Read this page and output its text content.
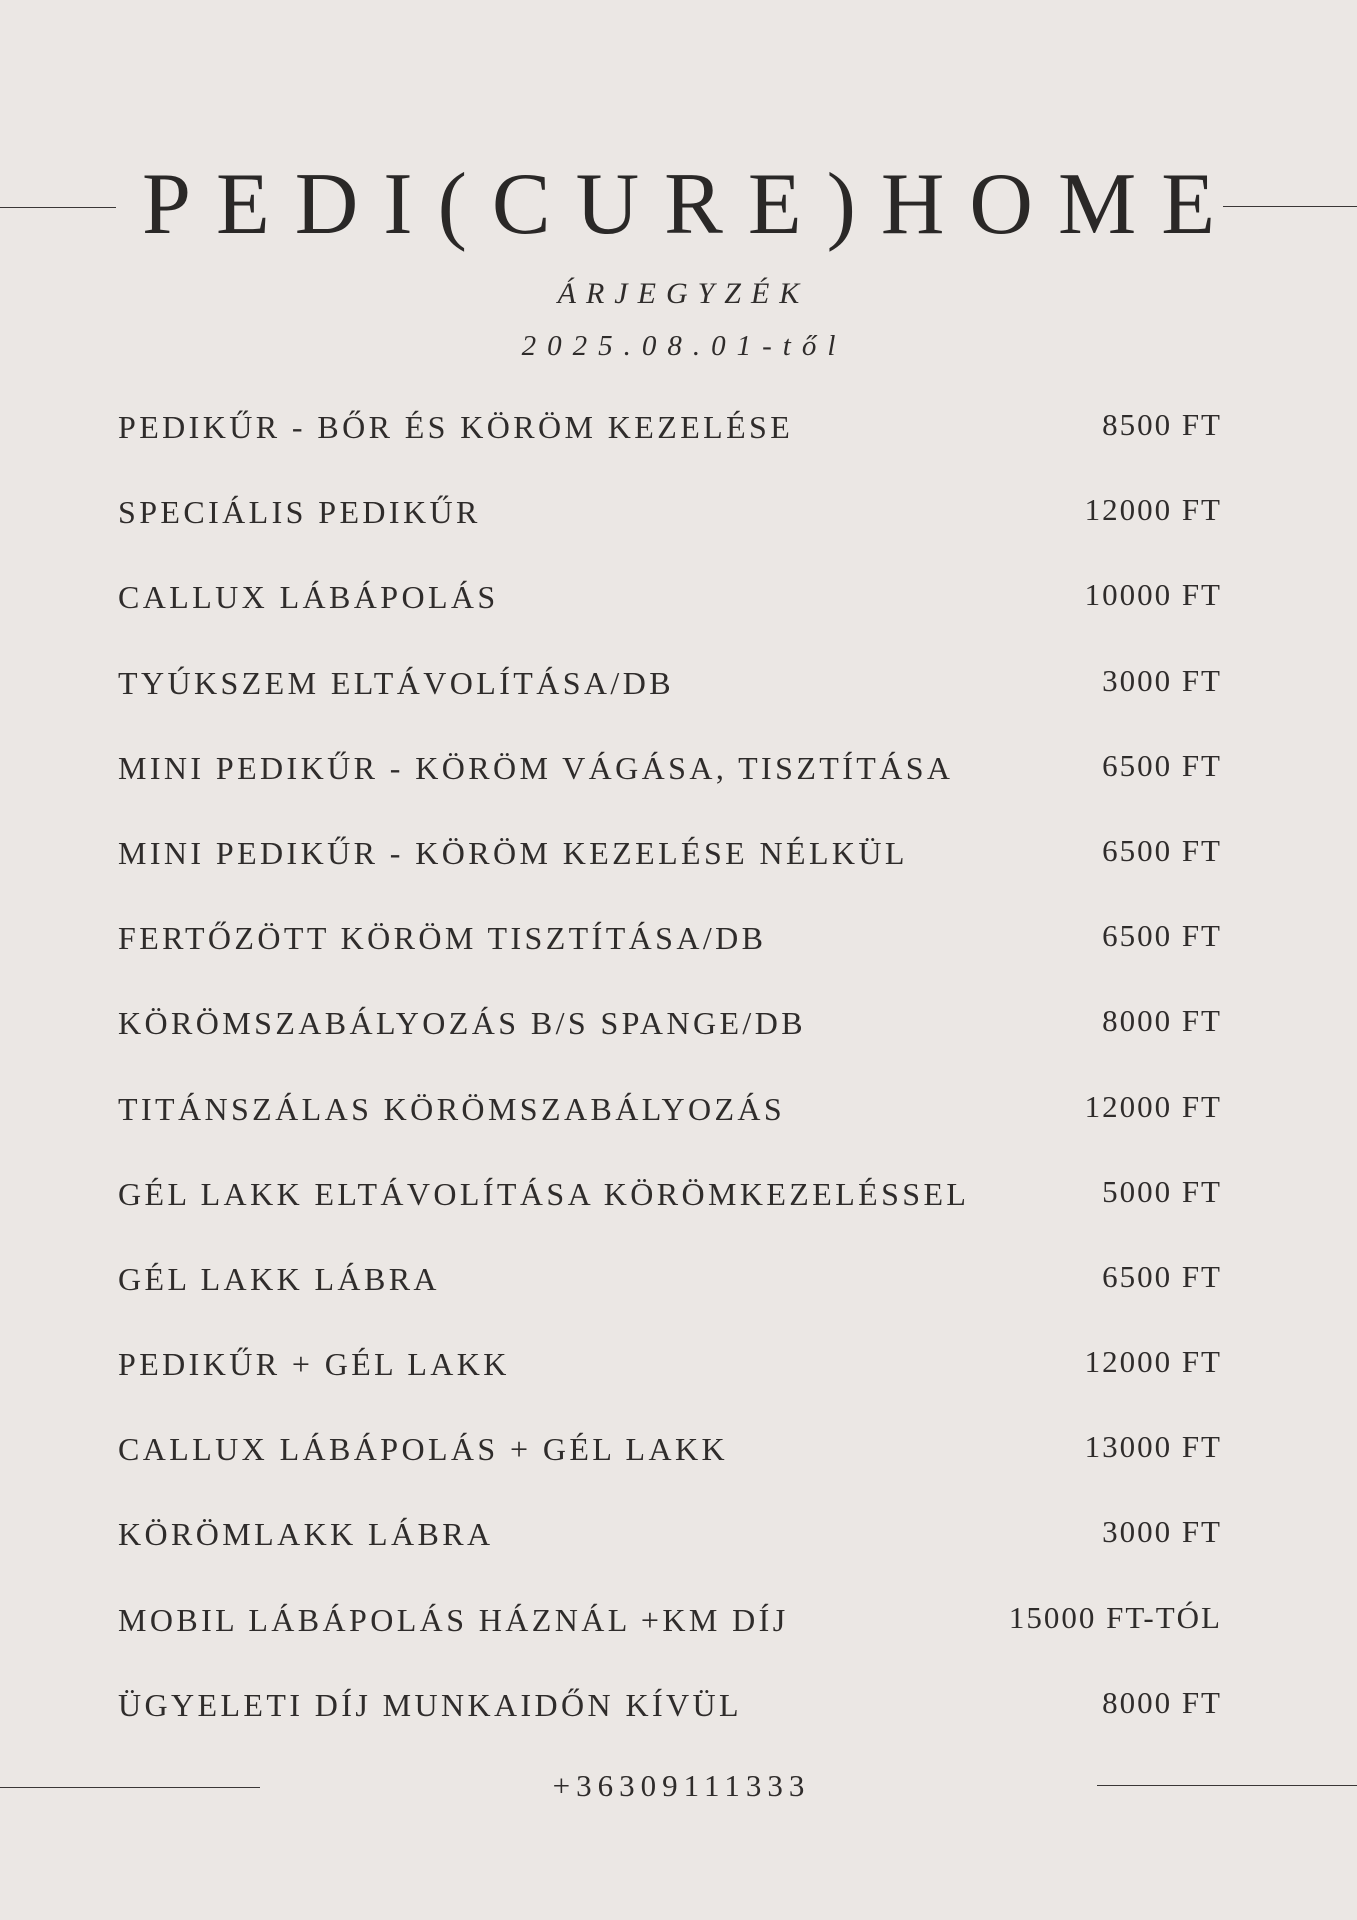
PEDI(CURE)HOME
ÁRJEGYZÉK
2025.08.01-től
PEDIKŰR - BŐR ÉS KÖRÖM KEZELÉSE	8500 FT
SPECIÁLIS PEDIKŰR	12000 FT
CALLUX LÁBÁPOLÁS	10000 FT
TYÚKSZEM ELTÁVOLÍTÁSA/DB	3000 FT
MINI PEDIKŰR - KÖRÖM VÁGÁSA, TISZTÍTÁSA	6500 FT
MINI PEDIKŰR - KÖRÖM KEZELÉSE NÉLKÜL	6500 FT
FERTŐZÖTT KÖRÖM TISZTÍTÁSA/DB	6500 FT
KÖRÖMSZABÁLYOZÁS B/S SPANGE/DB	8000 FT
TITÁNSZÁLAS KÖRÖMSZABÁLYOZÁS	12000 FT
GÉL LAKK ELTÁVOLÍTÁSA KÖRÖMKEZELÉSSEL	5000 FT
GÉL LAKK LÁBRA	6500 FT
PEDIKŰR + GÉL LAKK	12000 FT
CALLUX LÁBÁPOLÁS + GÉL LAKK	13000 FT
KÖRÖMLAKK LÁBRA	3000 FT
MOBIL LÁBÁPOLÁS HÁZNÁL +KM DÍJ	15000 FT-TÓL
ÜGYELETI DÍJ MUNKAIDŐN KÍVÜL	8000 FT
+36309111333
